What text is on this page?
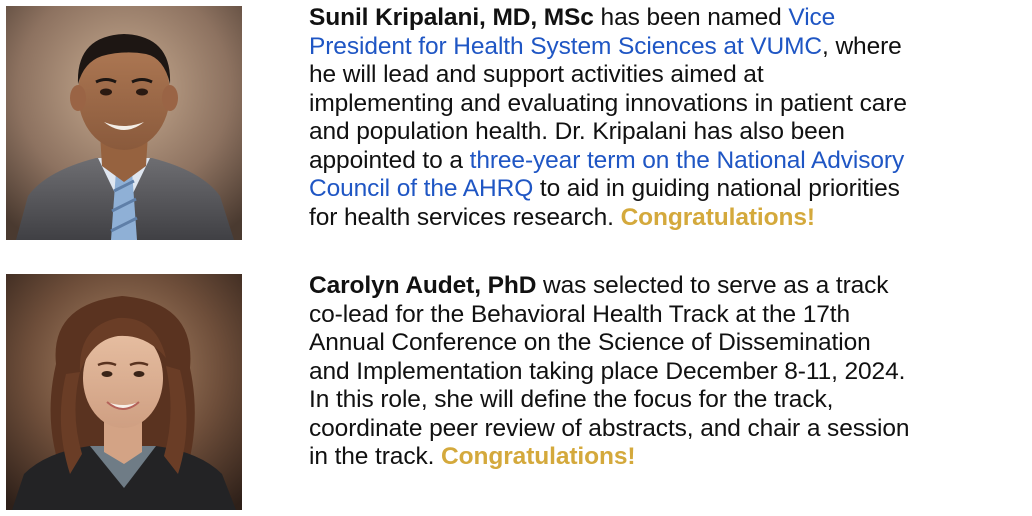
Sunil Kripalani, MD, MSc has been named Vice
President for Health System Sciences at VUMC, where
he will lead and support activities aimed at
implementing and evaluating innovations in patient care
and population health. Dr. Kripalani has also been
appointed to a three-year term on the National Advisory
Council of the AHRQ to aid in guiding national priorities
for health services research. Congratulations!
Carolyn Audet, PhD was selected to serve as a track
co-lead for the Behavioral Health Track at the 17th
Annual Conference on the Science of Dissemination
and Implementation taking place December 8-11, 2024.
In this role, she will define the focus for the track,
coordinate peer review of abstracts, and chair a session
in the track. Congratulations!
